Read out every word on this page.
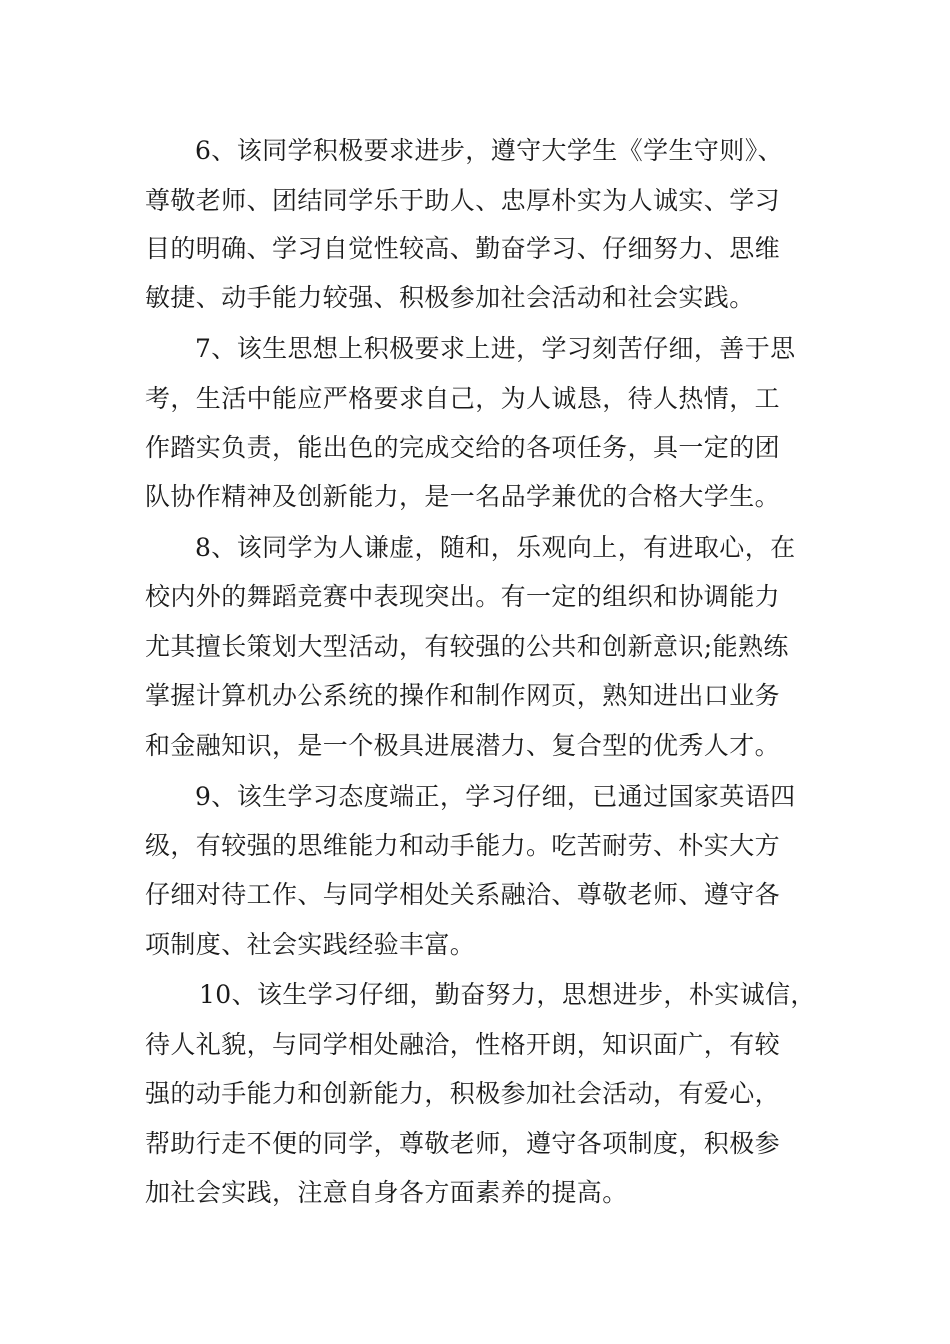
6、该同学积极要求进步，遵守大学生《学生守则》、

尊敬老师、团结同学乐于助人、忠厚朴实为人诚实、学习

目的明确、学习自觉性较高、勤奋学习、仔细努力、思维

敏捷、动手能力较强、积极参加社会活动和社会实践。

7、该生思想上积极要求上进，学习刻苦仔细，善于思

考，生活中能应严格要求自己，为人诚恳，待人热情，工

作踏实负责，能出色的完成交给的各项任务，具一定的团

队协作精神及创新能力，是一名品学兼优的合格大学生。

8、该同学为人谦虚，随和，乐观向上，有进取心，在

校内外的舞蹈竞赛中表现突出。有一定的组织和协调能力

尤其擅长策划大型活动，有较强的公共和创新意识;能熟练

掌握计算机办公系统的操作和制作网页，熟知进出口业务

和金融知识，是一个极具进展潜力、复合型的优秀人才。

9、该生学习态度端正，学习仔细，已通过国家英语四

级，有较强的思维能力和动手能力。吃苦耐劳、朴实大方

仔细对待工作、与同学相处关系融洽、尊敬老师、遵守各

项制度、社会实践经验丰富。

10、该生学习仔细，勤奋努力，思想进步，朴实诚信，

待人礼貌，与同学相处融洽，性格开朗，知识面广，有较

强的动手能力和创新能力，积极参加社会活动，有爱心，

帮助行走不便的同学，尊敬老师，遵守各项制度，积极参

加社会实践，注意自身各方面素养的提高。
